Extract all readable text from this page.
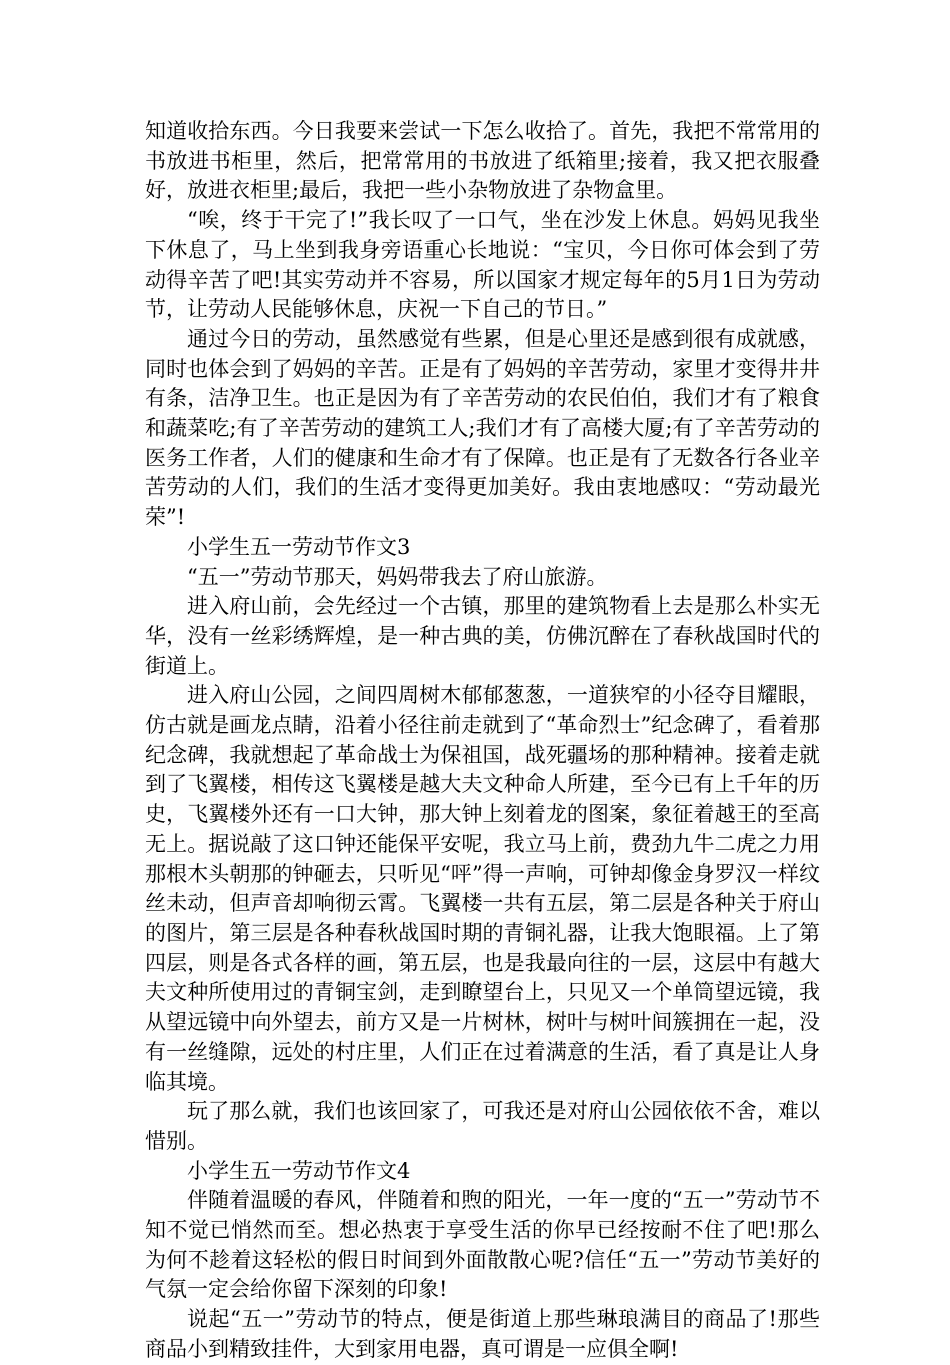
知道收拾东西。今日我要来尝试一下怎么收拾了。首先，我把不常常用的书放进书柜里，然后，把常常用的书放进了纸箱里;接着，我又把衣服叠好，放进衣柜里;最后，我把一些小杂物放进了杂物盒里。

“唉，终于干完了!”我长叹了一口气，坐在沙发上休息。妈妈见我坐下休息了，马上坐到我身旁语重心长地说：“宝贝，今日你可体会到了劳动得辛苦了吧!其实劳动并不容易，所以国家才规定每年的5月1日为劳动节，让劳动人民能够休息，庆祝一下自己的节日。”

通过今日的劳动，虽然感觉有些累，但是心里还是感到很有成就感，同时也体会到了妈妈的辛苦。正是有了妈妈的辛苦劳动，家里才变得井井有条，洁净卫生。也正是因为有了辛苦劳动的农民伯伯，我们才有了粮食和蔬菜吃;有了辛苦劳动的建筑工人;我们才有了高楼大厦;有了辛苦劳动的医务工作者，人们的健康和生命才有了保障。也正是有了无数各行各业辛苦劳动的人们，我们的生活才变得更加美好。我由衷地感叹：“劳动最光荣”!

小学生五一劳动节作文3

“五一”劳动节那天，妈妈带我去了府山旅游。

进入府山前，会先经过一个古镇，那里的建筑物看上去是那么朴实无华，没有一丝彩绣辉煌，是一种古典的美，仿佛沉醉在了春秋战国时代的街道上。

进入府山公园，之间四周树木郁郁葱葱，一道狭窄的小径夺目耀眼，仿古就是画龙点睛，沿着小径往前走就到了“革命烈士”纪念碑了，看着那纪念碑，我就想起了革命战士为保祖国，战死疆场的那种精神。接着走就到了飞翼楼，相传这飞翼楼是越大夫文种命人所建，至今已有上千年的历史，飞翼楼外还有一口大钟，那大钟上刻着龙的图案，象征着越王的至高无上。据说敲了这口钟还能保平安呢，我立马上前，费劲九牛二虎之力用那根木头朝那的钟砸去，只听见“呯”得一声响，可钟却像金身罗汉一样纹丝未动，但声音却响彻云霄。飞翼楼一共有五层，第二层是各种关于府山的图片，第三层是各种春秋战国时期的青铜礼器，让我大饱眼福。上了第四层，则是各式各样的画，第五层，也是我最向往的一层，这层中有越大夫文种所使用过的青铜宝剑，走到瞭望台上，只见又一个单筒望远镜，我从望远镜中向外望去，前方又是一片树林，树叶与树叶间簇拥在一起，没有一丝缝隙，远处的村庄里，人们正在过着满意的生活，看了真是让人身临其境。

玩了那么就，我们也该回家了，可我还是对府山公园依依不舍，难以惜别。

小学生五一劳动节作文4

伴随着温暖的春风，伴随着和煦的阳光，一年一度的“五一”劳动节不知不觉已悄然而至。想必热衷于享受生活的你早已经按耐不住了吧!那么为何不趁着这轻松的假日时间到外面散散心呢?信任“五一”劳动节美好的气氛一定会给你留下深刻的印象!

说起“五一”劳动节的特点，便是街道上那些琳琅满目的商品了!那些商品小到精致挂件，大到家用电器，真可谓是一应俱全啊!
